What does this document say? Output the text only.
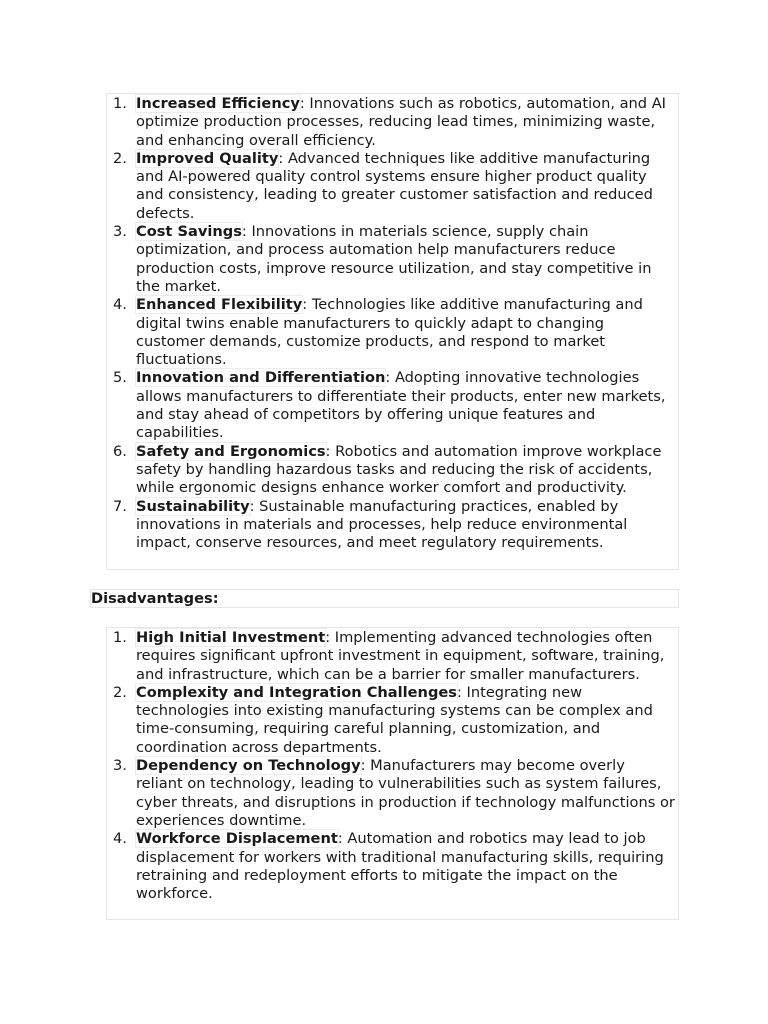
1. Increased Efficiency: Innovations such as robotics, automation, and AI optimize production processes, reducing lead times, minimizing waste, and enhancing overall efficiency.
2. Improved Quality: Advanced techniques like additive manufacturing and AI-powered quality control systems ensure higher product quality and consistency, leading to greater customer satisfaction and reduced defects.
3. Cost Savings: Innovations in materials science, supply chain optimization, and process automation help manufacturers reduce production costs, improve resource utilization, and stay competitive in the market.
4. Enhanced Flexibility: Technologies like additive manufacturing and digital twins enable manufacturers to quickly adapt to changing customer demands, customize products, and respond to market fluctuations.
5. Innovation and Differentiation: Adopting innovative technologies allows manufacturers to differentiate their products, enter new markets, and stay ahead of competitors by offering unique features and capabilities.
6. Safety and Ergonomics: Robotics and automation improve workplace safety by handling hazardous tasks and reducing the risk of accidents, while ergonomic designs enhance worker comfort and productivity.
7. Sustainability: Sustainable manufacturing practices, enabled by innovations in materials and processes, help reduce environmental impact, conserve resources, and meet regulatory requirements.
Disadvantages:
1. High Initial Investment: Implementing advanced technologies often requires significant upfront investment in equipment, software, training, and infrastructure, which can be a barrier for smaller manufacturers.
2. Complexity and Integration Challenges: Integrating new technologies into existing manufacturing systems can be complex and time-consuming, requiring careful planning, customization, and coordination across departments.
3. Dependency on Technology: Manufacturers may become overly reliant on technology, leading to vulnerabilities such as system failures, cyber threats, and disruptions in production if technology malfunctions or experiences downtime.
4. Workforce Displacement: Automation and robotics may lead to job displacement for workers with traditional manufacturing skills, requiring retraining and redeployment efforts to mitigate the impact on the workforce.
